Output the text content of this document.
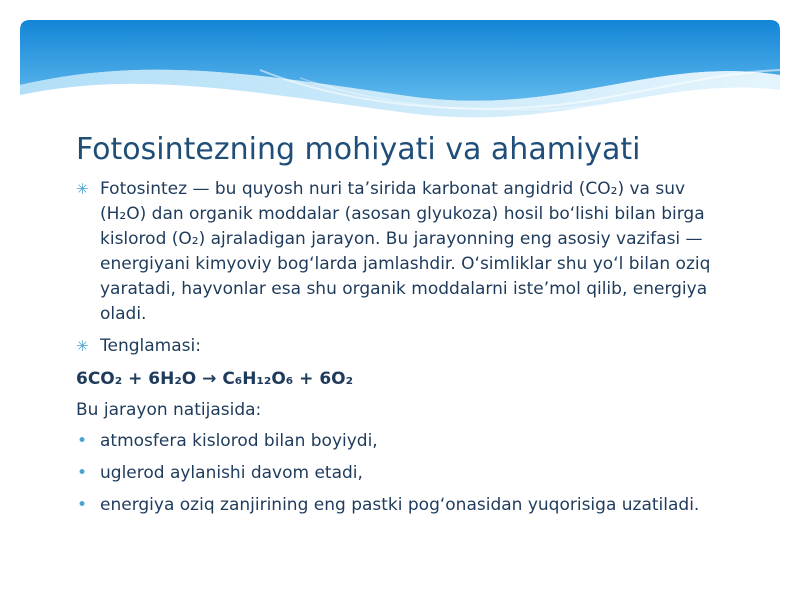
Fotosintezning mohiyati va ahamiyati
✳ Fotosintez — bu quyosh nuri ta’sirida karbonat angidrid (CO₂) va suv (H₂O) dan organik moddalar (asosan glyukoza) hosil bo‘lishi bilan birga kislorod (O₂) ajraladigan jarayon. Bu jarayonning eng asosiy vazifasi — energiyani kimyoviy bog‘larda jamlashdir. O‘simliklar shu yo‘l bilan oziq yaratadi, hayvonlar esa shu organik moddalarni iste’mol qilib, energiya oladi.
✳ Tenglamasi:
6CO₂ + 6H₂O → C₆H₁₂O₆ + 6O₂
Bu jarayon natijasida:
• atmosfera kislorod bilan boyiydi,
• uglerod aylanishi davom etadi,
• energiya oziq zanjirining eng pastki pog‘onasidan yuqorisiga uzatiladi.
